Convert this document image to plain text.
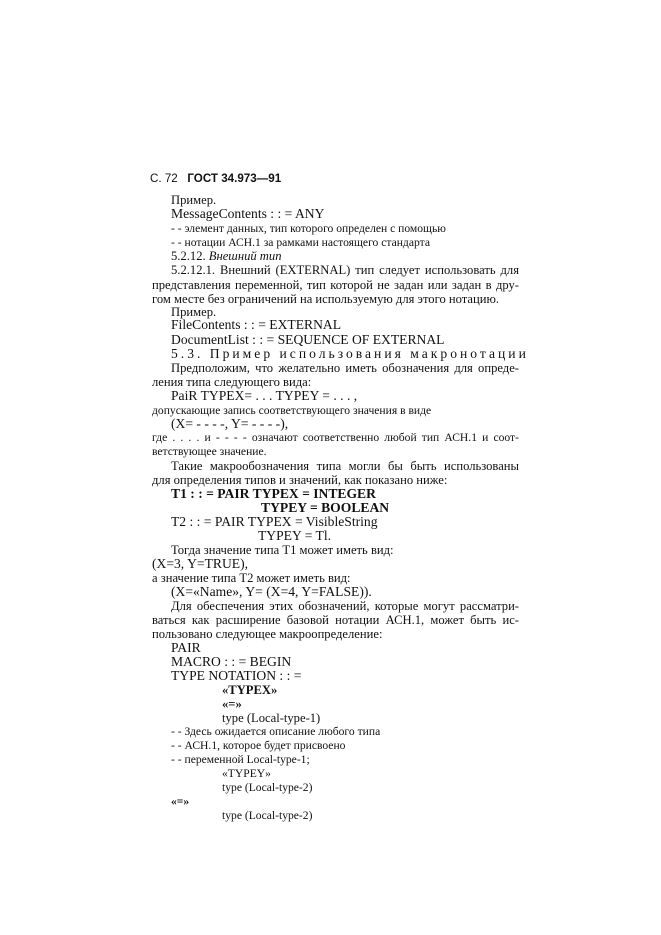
С. 72 ГОСТ 34.973—91
Пример.
MessageContents : : = ANY
- - элемент данных, тип которого определен с помощью
- - нотации АСН.1 за рамками настоящего стандарта
5.2.12. Внешний тип
5.2.12.1. Внешний (EXTERNAL) тип следует использовать для
представления переменной, тип которой не задан или задан в дру-
гом месте без ограничений на используемую для этого нотацию.
Пример.
FileContents : : = EXTERNAL
DocumentList : : = SEQUENCE OF EXTERNAL
5.3. Пример использования макронотации
Предположим, что желательно иметь обозначения для опреде-
ления типа следующего вида:
PaiR TYPEX= . . . TYPEY = . . . ,
допускающие запись соответствующего значения в виде
(X= - - - -, Y= - - - -),
где . . . . и - - - - означают соответственно любой тип АСН.1 и соот-
ветствующее значение.
Такие макрообозначения типа могли бы быть использованы
для определения типов и значений, как показано ниже:
T1 : : = PAIR TYPEX = INTEGER
TYPEY = BOOLEAN
T2 : : = PAIR TYPEX = VisibleString
TYPEY = Tl.
Тогда значение типа Т1 может иметь вид:
(X=3, Y=TRUE),
а значение типа Т2 может иметь вид:
(X=«Name», Y= (X=4, Y=FALSE)).
Для обеспечения этих обозначений, которые могут рассматри-
ваться как расширение базовой нотации АСН.1, может быть ис-
пользовано следующее макроопределение:
PAIR
MACRO : : = BEGIN
TYPE NOTATION : : =
«TYPEX»
«=»
type (Local-type-1)
- - Здесь ожидается описание любого типа
- - АСН.1, которое будет присвоено
- - переменной Local-type-1;
«TYPEY»
type (Local-type-2)
«=»
type (Local-type-2)
